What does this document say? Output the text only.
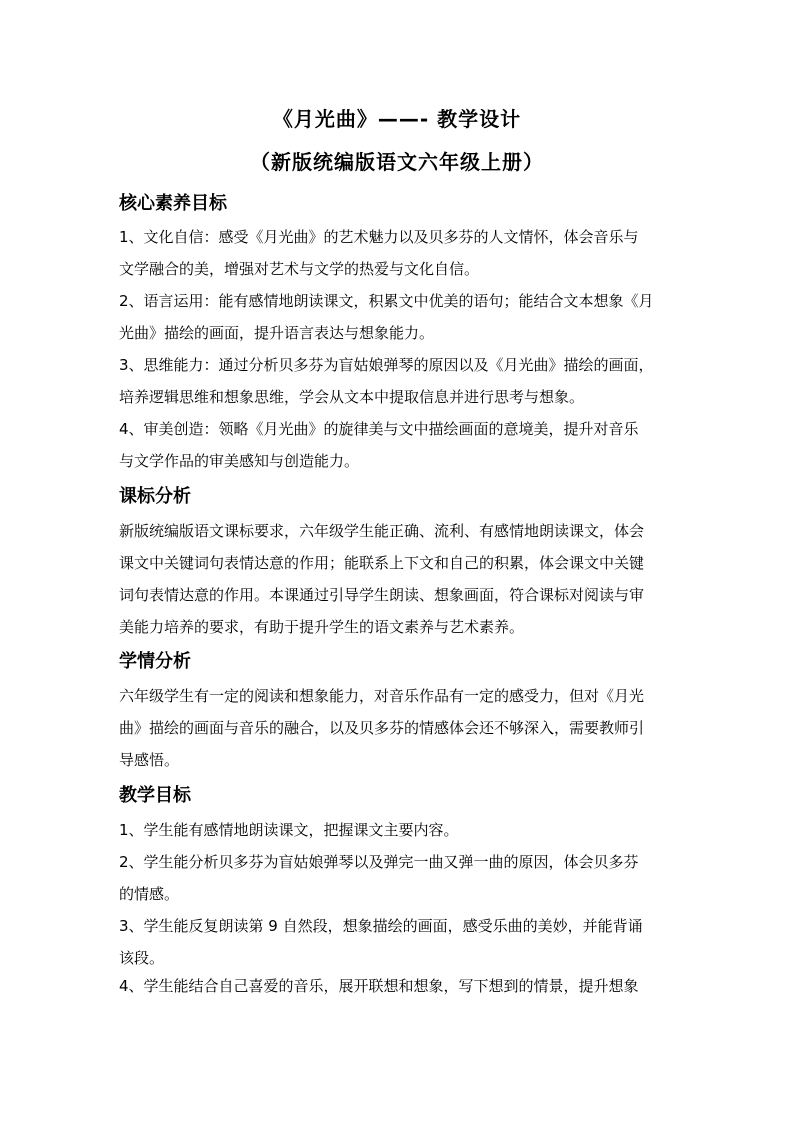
《月光曲》——- 教学设计
（新版统编版语文六年级上册）
核心素养目标
1、文化自信：感受《月光曲》的艺术魅力以及贝多芬的人文情怀，体会音乐与
文学融合的美，增强对艺术与文学的热爱与文化自信。
2、语言运用：能有感情地朗读课文，积累文中优美的语句；能结合文本想象《月
光曲》描绘的画面，提升语言表达与想象能力。
3、思维能力：通过分析贝多芬为盲姑娘弹琴的原因以及《月光曲》描绘的画面，
培养逻辑思维和想象思维，学会从文本中提取信息并进行思考与想象。
4、审美创造：领略《月光曲》的旋律美与文中描绘画面的意境美，提升对音乐
与文学作品的审美感知与创造能力。
课标分析
新版统编版语文课标要求，六年级学生能正确、流利、有感情地朗读课文，体会
课文中关键词句表情达意的作用；能联系上下文和自己的积累，体会课文中关键
词句表情达意的作用。本课通过引导学生朗读、想象画面，符合课标对阅读与审
美能力培养的要求，有助于提升学生的语文素养与艺术素养。
学情分析
六年级学生有一定的阅读和想象能力，对音乐作品有一定的感受力，但对《月光
曲》描绘的画面与音乐的融合，以及贝多芬的情感体会还不够深入，需要教师引
导感悟。
教学目标
1、学生能有感情地朗读课文，把握课文主要内容。
2、学生能分析贝多芬为盲姑娘弹琴以及弹完一曲又弹一曲的原因，体会贝多芬
的情感。
3、学生能反复朗读第 9 自然段，想象描绘的画面，感受乐曲的美妙，并能背诵
该段。
4、学生能结合自己喜爱的音乐，展开联想和想象，写下想到的情景，提升想象
